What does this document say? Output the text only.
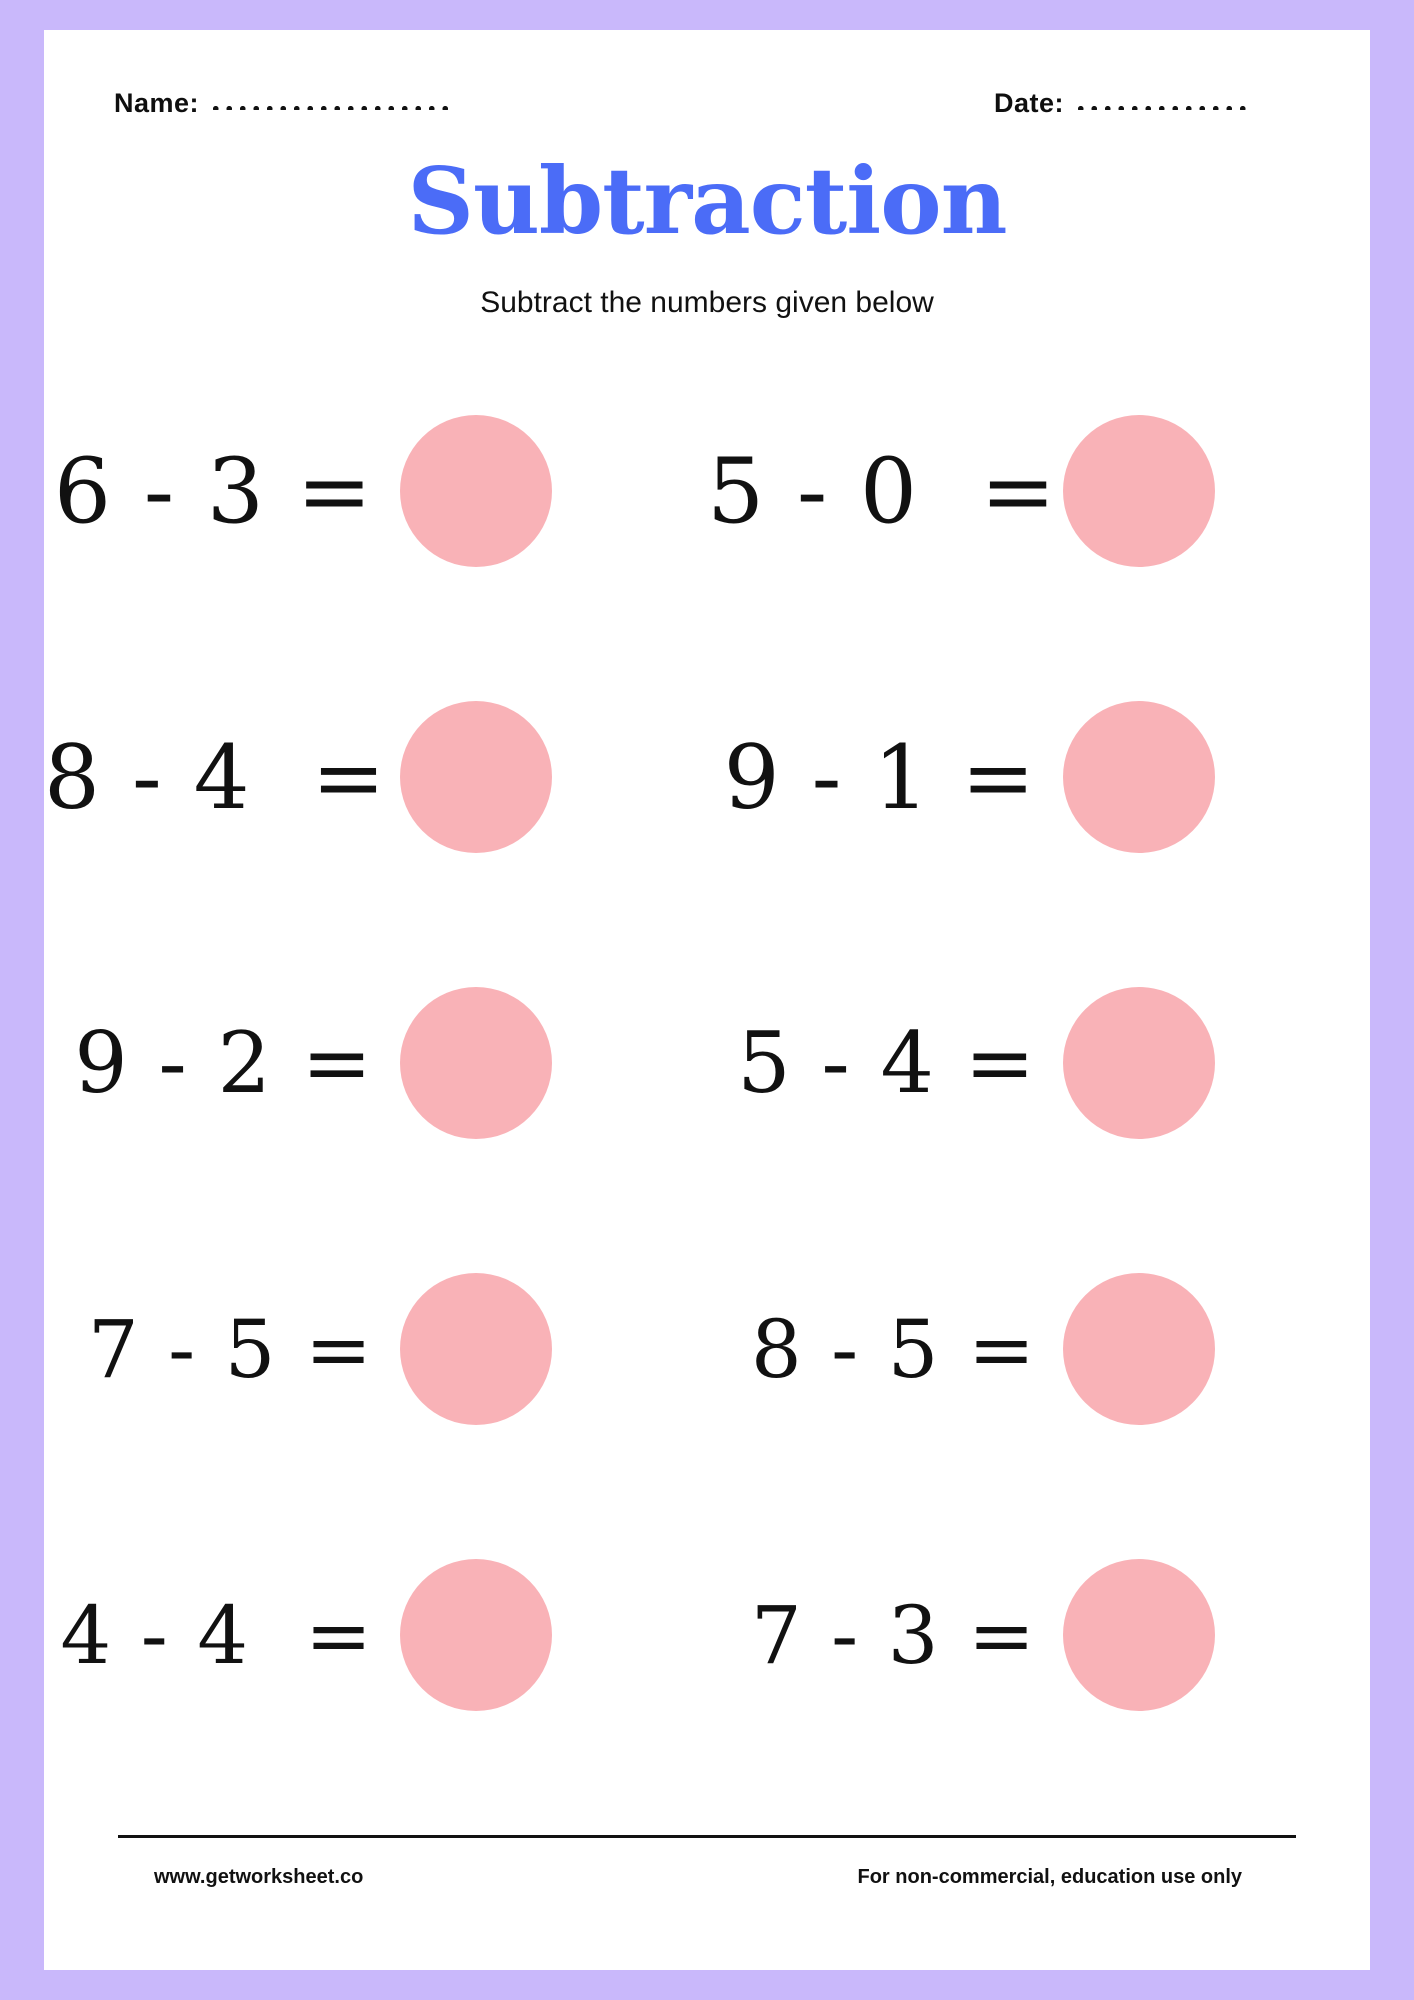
Name:	Date:
Subtraction
Subtract the numbers given below
6 - 3 =	5 - 0  =
8 - 4  =	9 - 1 =
9 - 2 =	5 - 4 =
7 - 5 =	8 - 5 =
4 - 4  =	7 - 3 =
www.getworksheet.co	For non-commercial, education use only
